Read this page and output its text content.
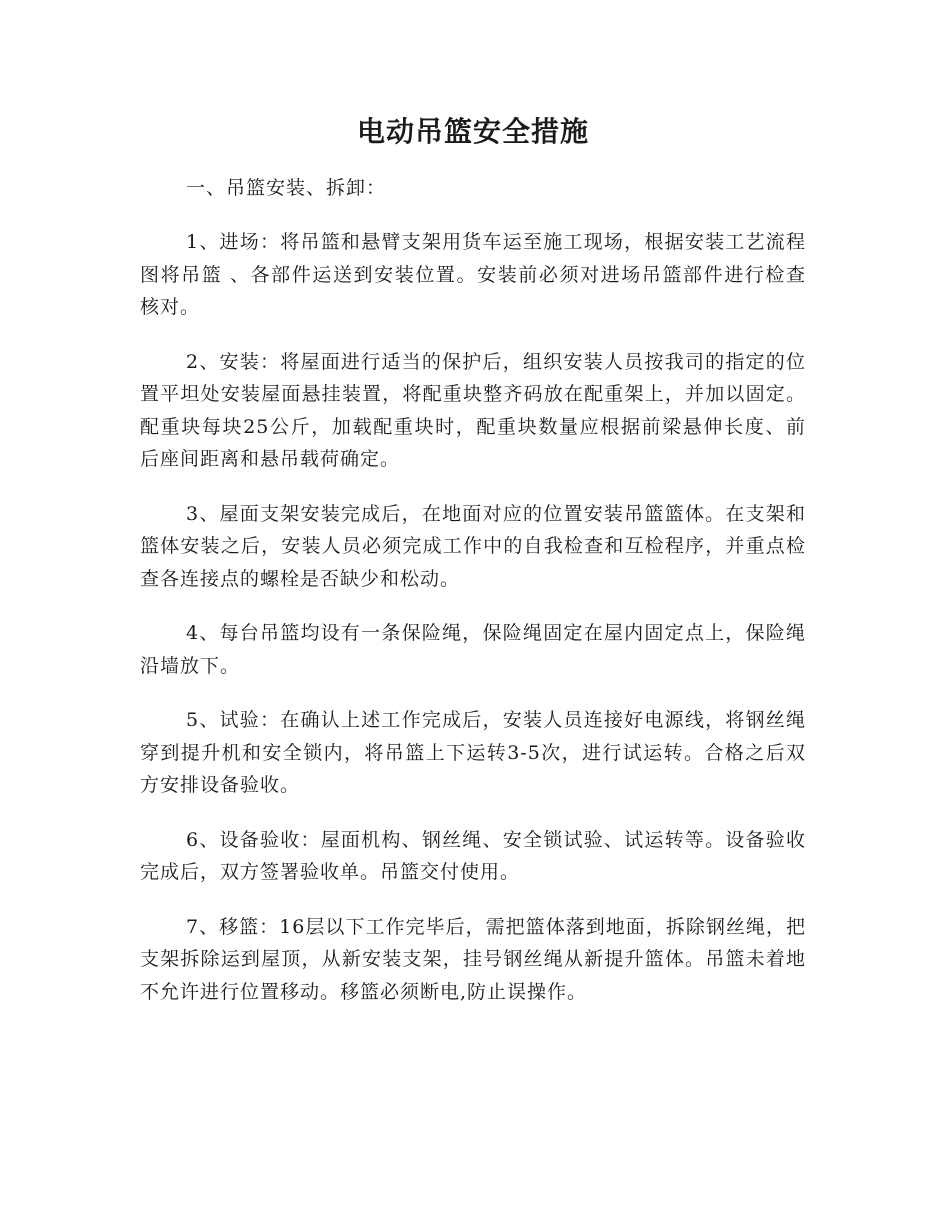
电动吊篮安全措施

一、吊篮安装、拆卸：

1、进场：将吊篮和悬臂支架用货车运至施工现场，根据安装工艺流程图将吊篮 、各部件运送到安装位置。安装前必须对进场吊篮部件进行检查核对。

2、安装：将屋面进行适当的保护后，组织安装人员按我司的指定的位置平坦处安装屋面悬挂装置，将配重块整齐码放在配重架上，并加以固定。配重块每块25公斤，加载配重块时，配重块数量应根据前梁悬伸长度、前后座间距离和悬吊载荷确定。

3、屋面支架安装完成后，在地面对应的位置安装吊篮篮体。在支架和篮体安装之后，安装人员必须完成工作中的自我检查和互检程序，并重点检查各连接点的螺栓是否缺少和松动。

4、每台吊篮均设有一条保险绳，保险绳固定在屋内固定点上，保险绳沿墙放下。

5、试验：在确认上述工作完成后，安装人员连接好电源线，将钢丝绳穿到提升机和安全锁内，将吊篮上下运转3-5次，进行试运转。合格之后双方安排设备验收。

6、设备验收：屋面机构、钢丝绳、安全锁试验、试运转等。设备验收完成后，双方签署验收单。吊篮交付使用。

7、移篮：16层以下工作完毕后，需把篮体落到地面，拆除钢丝绳，把支架拆除运到屋顶，从新安装支架，挂号钢丝绳从新提升篮体。吊篮未着地不允许进行位置移动。移篮必须断电,防止误操作。
